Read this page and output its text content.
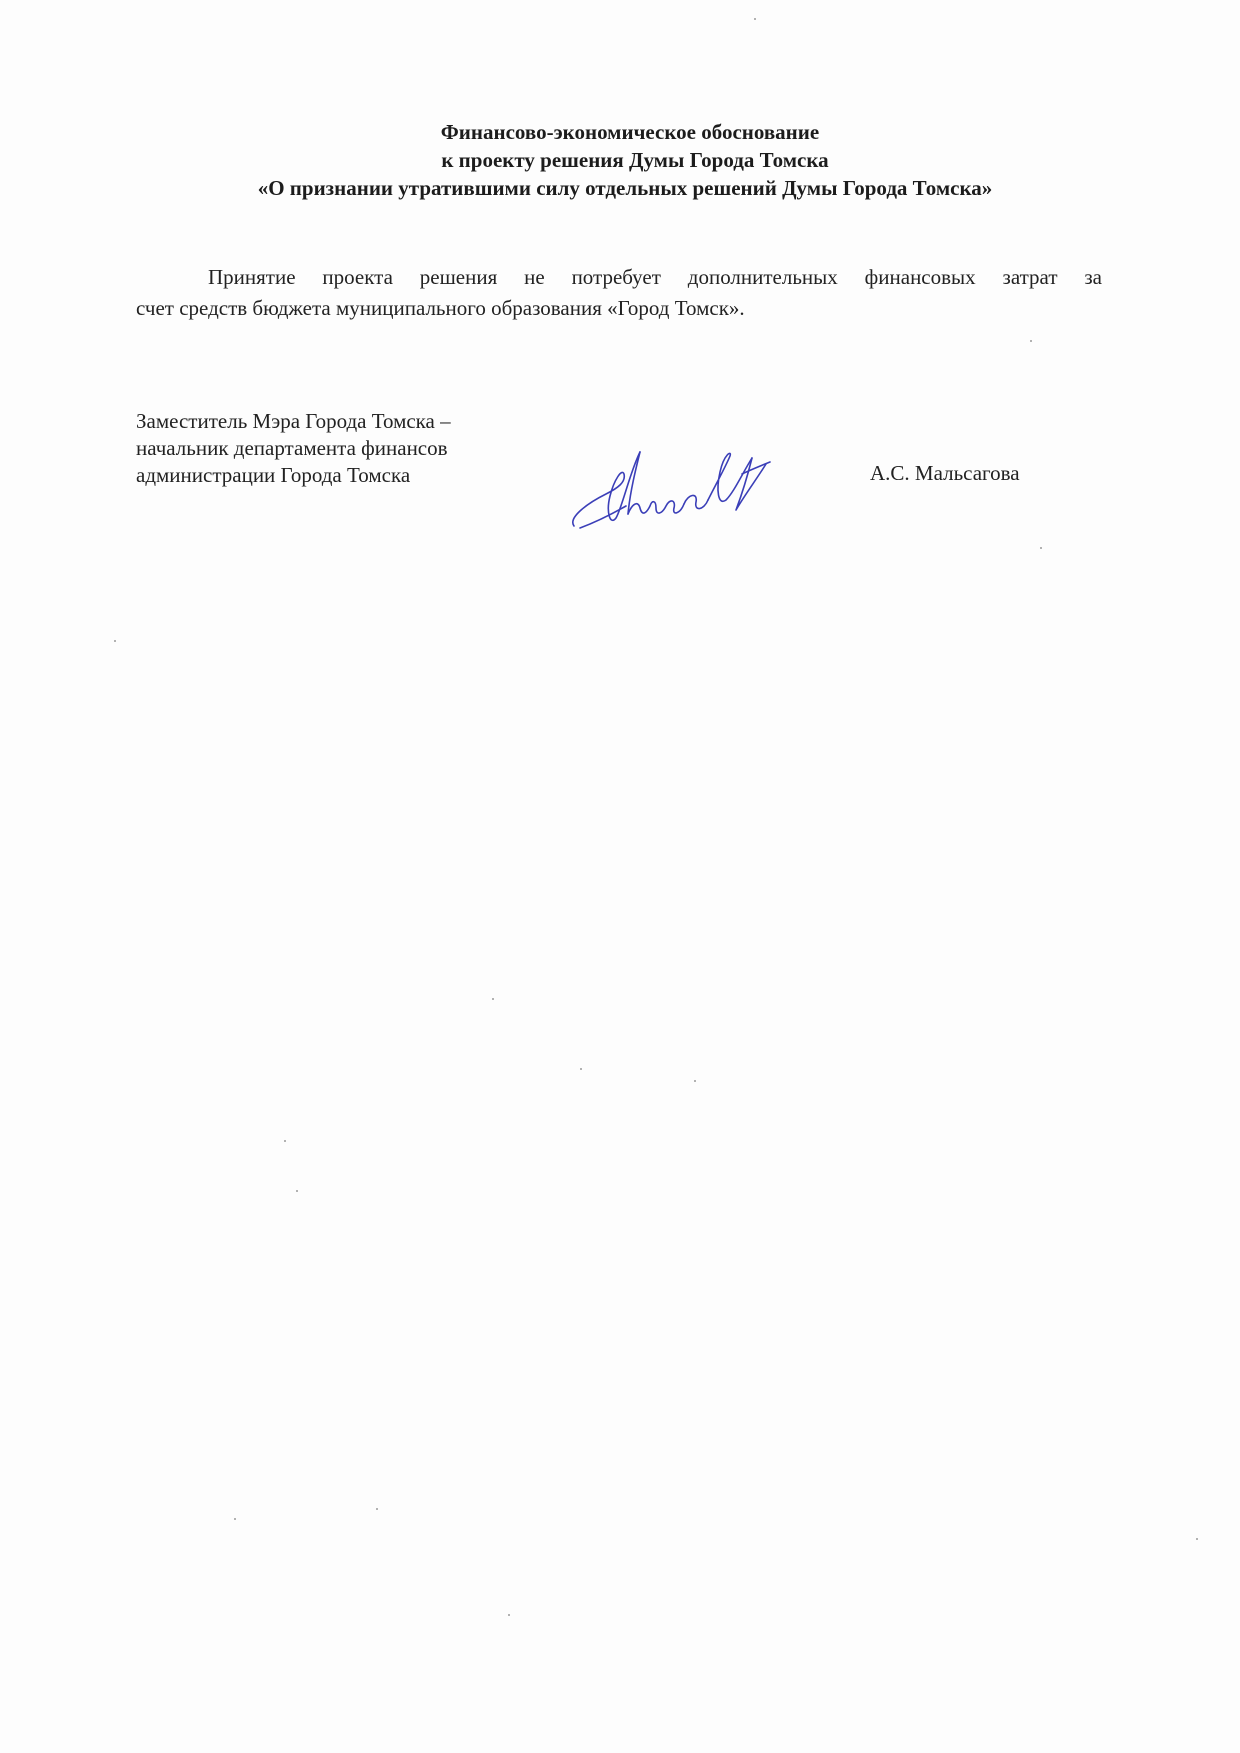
Финансово-экономическое обоснование
к проекту решения Думы Города Томска
«О признании утратившими силу отдельных решений Думы Города Томска»
Принятие проекта решения не потребует дополнительных финансовых затрат за
счет средств бюджета муниципального образования «Город Томск».
Заместитель Мэра Города Томска –
начальник департамента финансов
администрации Города Томска	А.С. Мальсагова
